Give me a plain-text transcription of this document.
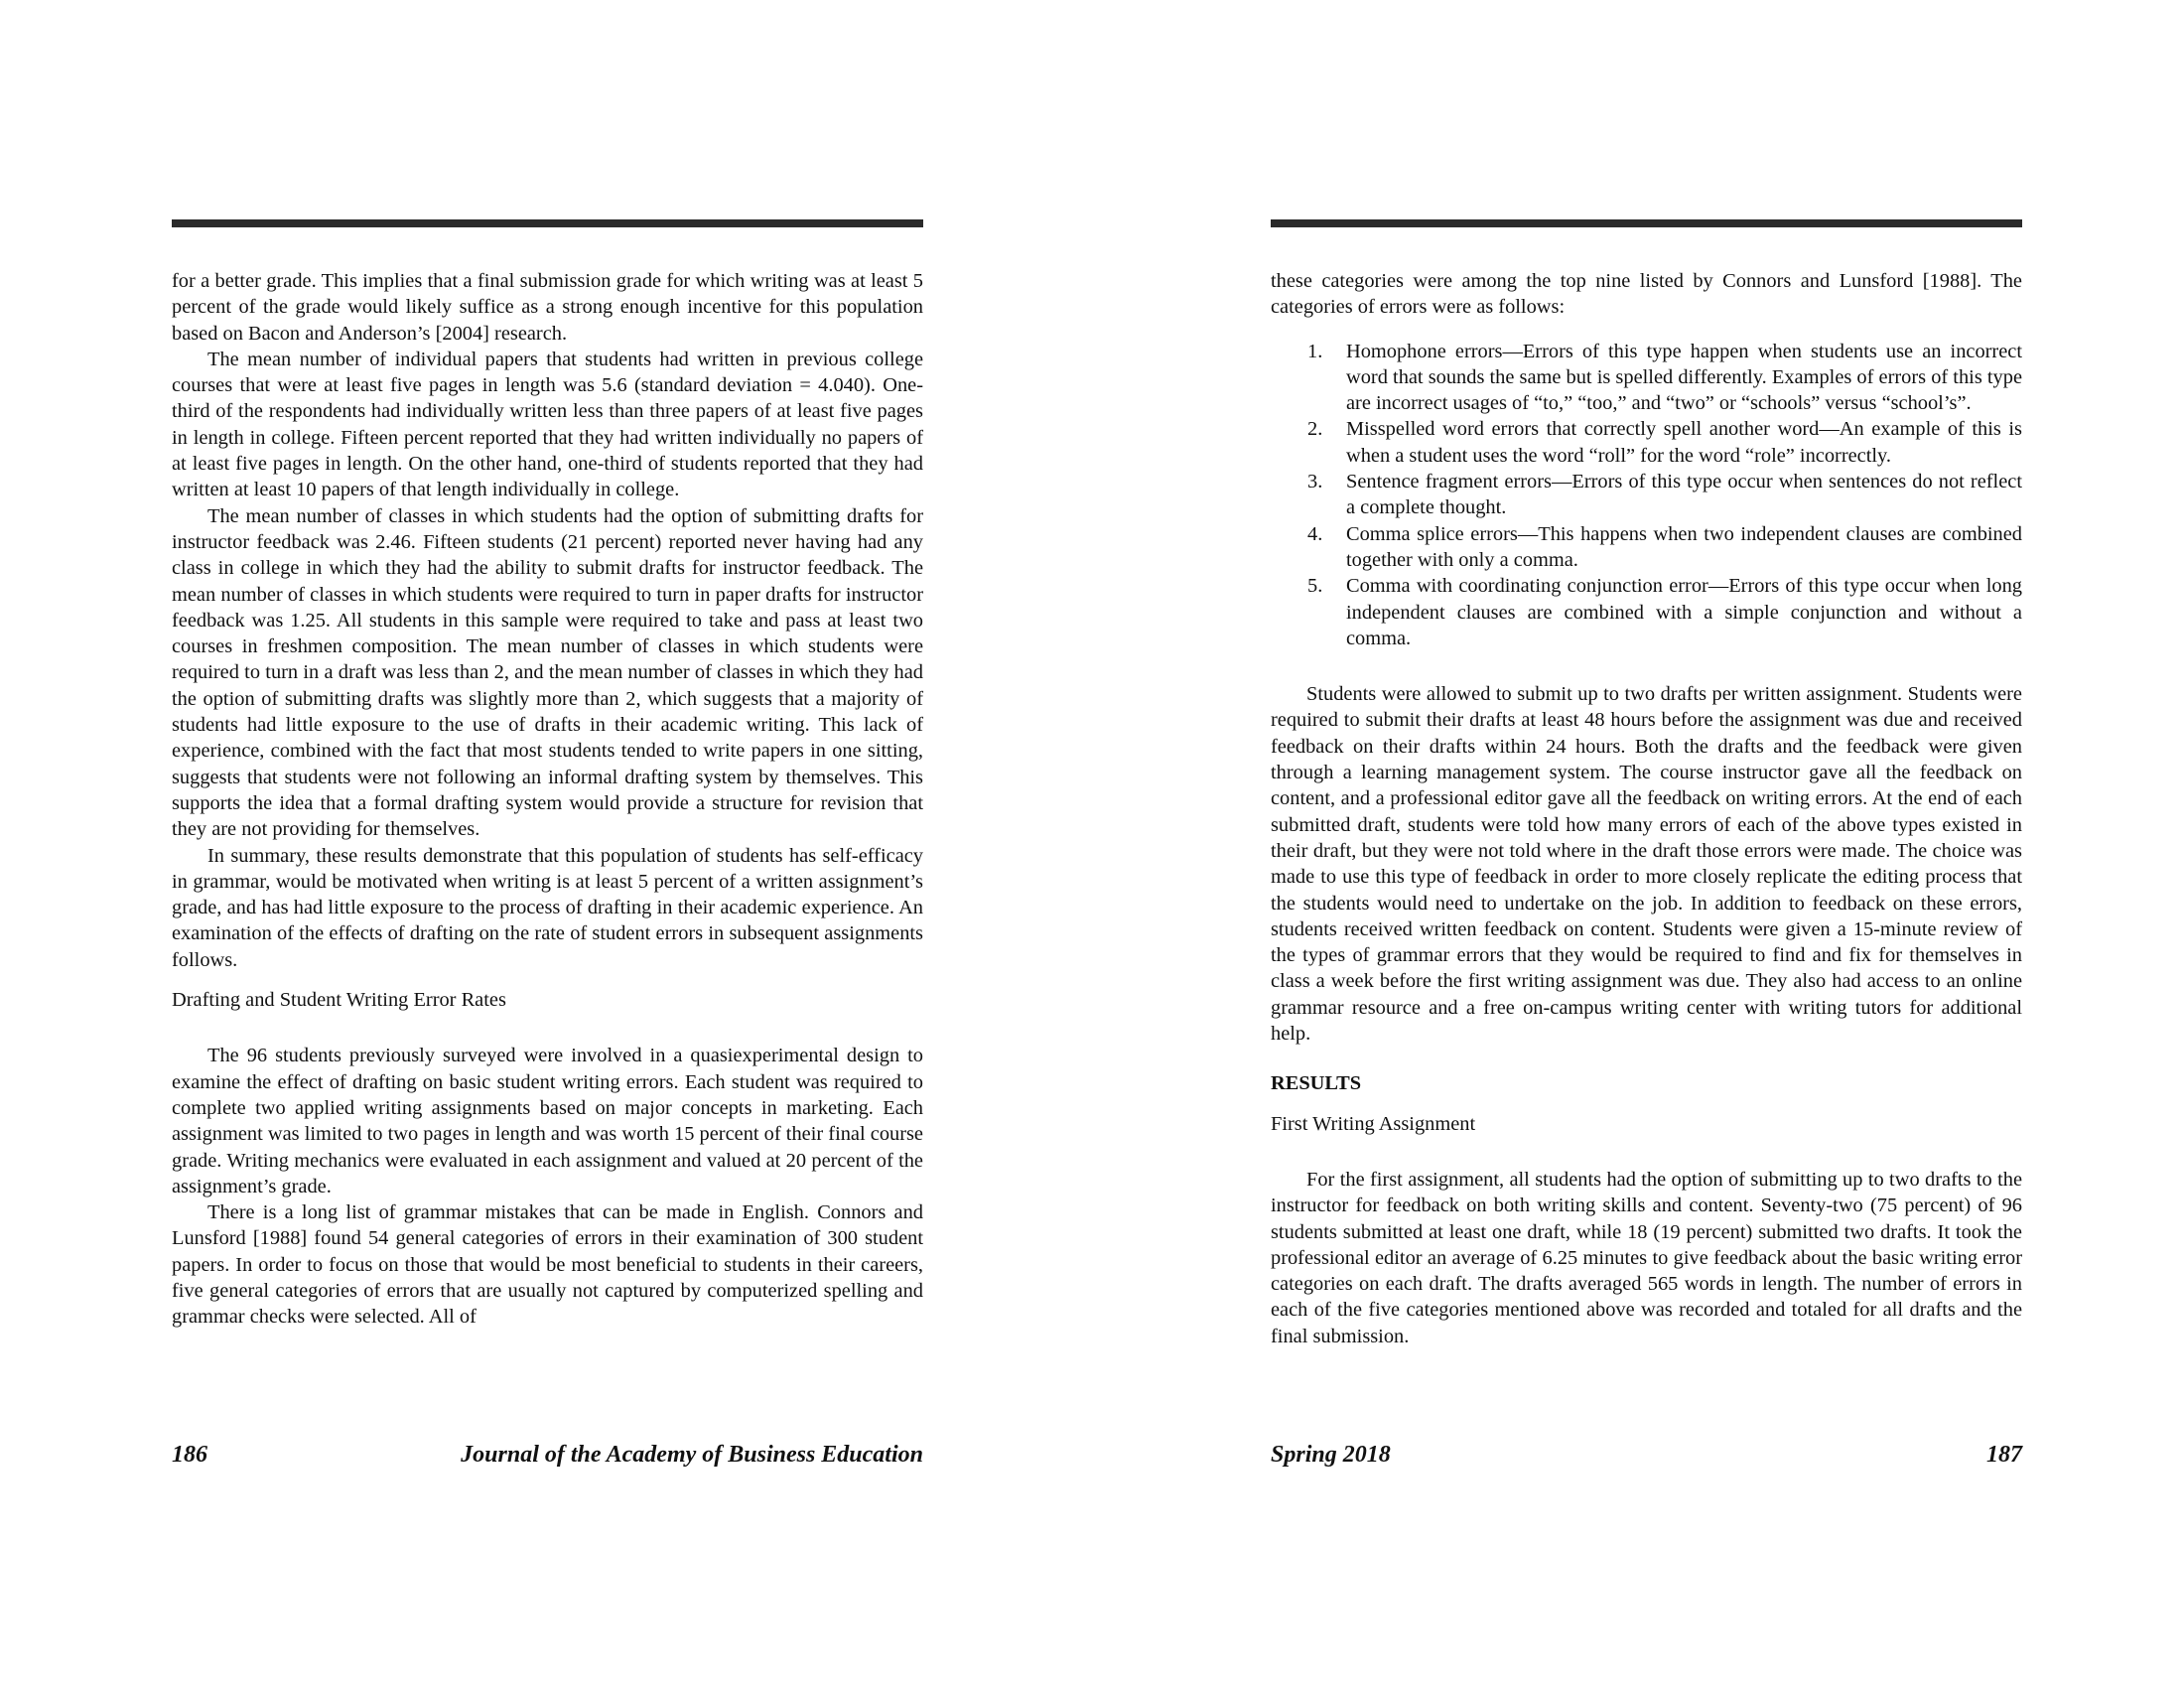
for a better grade. This implies that a final submission grade for which writing was at least 5 percent of the grade would likely suffice as a strong enough incentive for this population based on Bacon and Anderson’s [2004] research.

The mean number of individual papers that students had written in previous college courses that were at least five pages in length was 5.6 (standard deviation = 4.040). One-third of the respondents had individually written less than three papers of at least five pages in length in college. Fifteen percent reported that they had written individually no papers of at least five pages in length. On the other hand, one-third of students reported that they had written at least 10 papers of that length individually in college.

The mean number of classes in which students had the option of submitting drafts for instructor feedback was 2.46. Fifteen students (21 percent) reported never having had any class in college in which they had the ability to submit drafts for instructor feedback. The mean number of classes in which students were required to turn in paper drafts for instructor feedback was 1.25. All students in this sample were required to take and pass at least two courses in freshmen composition. The mean number of classes in which students were required to turn in a draft was less than 2, and the mean number of classes in which they had the option of submitting drafts was slightly more than 2, which suggests that a majority of students had little exposure to the use of drafts in their academic writing. This lack of experience, combined with the fact that most students tended to write papers in one sitting, suggests that students were not following an informal drafting system by themselves. This supports the idea that a formal drafting system would provide a structure for revision that they are not providing for themselves.

In summary, these results demonstrate that this population of students has self-efficacy in grammar, would be motivated when writing is at least 5 percent of a written assignment’s grade, and has had little exposure to the process of drafting in their academic experience. An examination of the effects of drafting on the rate of student errors in subsequent assignments follows.

Drafting and Student Writing Error Rates

The 96 students previously surveyed were involved in a quasiexperimental design to examine the effect of drafting on basic student writing errors. Each student was required to complete two applied writing assignments based on major concepts in marketing. Each assignment was limited to two pages in length and was worth 15 percent of their final course grade. Writing mechanics were evaluated in each assignment and valued at 20 percent of the assignment’s grade.

There is a long list of grammar mistakes that can be made in English. Connors and Lunsford [1988] found 54 general categories of errors in their examination of 300 student papers. In order to focus on those that would be most beneficial to students in their careers, five general categories of errors that are usually not captured by computerized spelling and grammar checks were selected. All of

186	Journal of the Academy of Business Education

these categories were among the top nine listed by Connors and Lunsford [1988]. The categories of errors were as follows:

1. Homophone errors—Errors of this type happen when students use an incorrect word that sounds the same but is spelled differently. Examples of errors of this type are incorrect usages of “to,” “too,” and “two” or “schools” versus “school’s”.
2. Misspelled word errors that correctly spell another word—An example of this is when a student uses the word “roll” for the word “role” incorrectly.
3. Sentence fragment errors—Errors of this type occur when sentences do not reflect a complete thought.
4. Comma splice errors—This happens when two independent clauses are combined together with only a comma.
5. Comma with coordinating conjunction error—Errors of this type occur when long independent clauses are combined with a simple conjunction and without a comma.

Students were allowed to submit up to two drafts per written assignment. Students were required to submit their drafts at least 48 hours before the assignment was due and received feedback on their drafts within 24 hours. Both the drafts and the feedback were given through a learning management system. The course instructor gave all the feedback on content, and a professional editor gave all the feedback on writing errors. At the end of each submitted draft, students were told how many errors of each of the above types existed in their draft, but they were not told where in the draft those errors were made. The choice was made to use this type of feedback in order to more closely replicate the editing process that the students would need to undertake on the job. In addition to feedback on these errors, students received written feedback on content. Students were given a 15-minute review of the types of grammar errors that they would be required to find and fix for themselves in class a week before the first writing assignment was due. They also had access to an online grammar resource and a free on-campus writing center with writing tutors for additional help.

RESULTS

First Writing Assignment

For the first assignment, all students had the option of submitting up to two drafts to the instructor for feedback on both writing skills and content. Seventy-two (75 percent) of 96 students submitted at least one draft, while 18 (19 percent) submitted two drafts. It took the professional editor an average of 6.25 minutes to give feedback about the basic writing error categories on each draft. The drafts averaged 565 words in length. The number of errors in each of the five categories mentioned above was recorded and totaled for all drafts and the final submission.

Spring 2018	187
